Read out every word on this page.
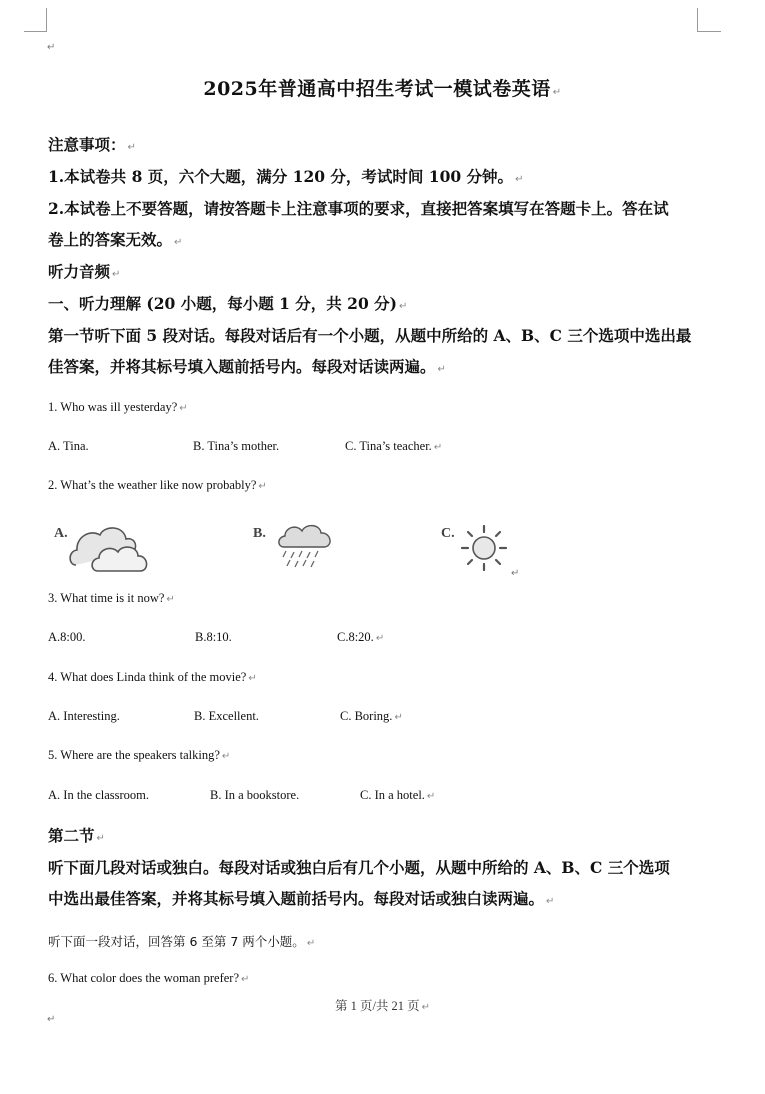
↵
2025年普通高中招生考试一模试卷英语 ↵
注意事项： ↵
1.本试卷共 8 页，六个大题，满分 120 分，考试时间 100 分钟。 ↵
2.本试卷上不要答题，请按答题卡上注意事项的要求，直接把答案填写在答题卡上。答在试
卷上的答案无效。 ↵
听力音频 ↵
一、听力理解 (20 小题，每小题 1 分，共 20 分) ↵
第一节听下面 5 段对话。每段对话后有一个小题，从题中所给的 A、B、C 三个选项中选出最
佳答案，并将其标号填入题前括号内。每段对话读两遍。 ↵
1. Who was ill yesterday? ↵
A. Tina.	B. Tina’s mother.	C. Tina’s teacher. ↵
2. What’s the weather like now probably? ↵
A.	B.	C.
↵
3. What time is it now? ↵
A.8:00.	B.8:10.	C.8:20. ↵
4. What does Linda think of the movie? ↵
A. Interesting.	B. Excellent.	C. Boring. ↵
5. Where are the speakers talking? ↵
A. In the classroom.	B. In a bookstore.	C. In a hotel. ↵
第二节 ↵
听下面几段对话或独白。每段对话或独白后有几个小题，从题中所给的 A、B、C 三个选项
中选出最佳答案，并将其标号填入题前括号内。每段对话或独白读两遍。 ↵
听下面一段对话，回答第 6 至第 7 两个小题。 ↵
6. What color does the woman prefer? ↵
第 1 页/共 21 页 ↵
↵
